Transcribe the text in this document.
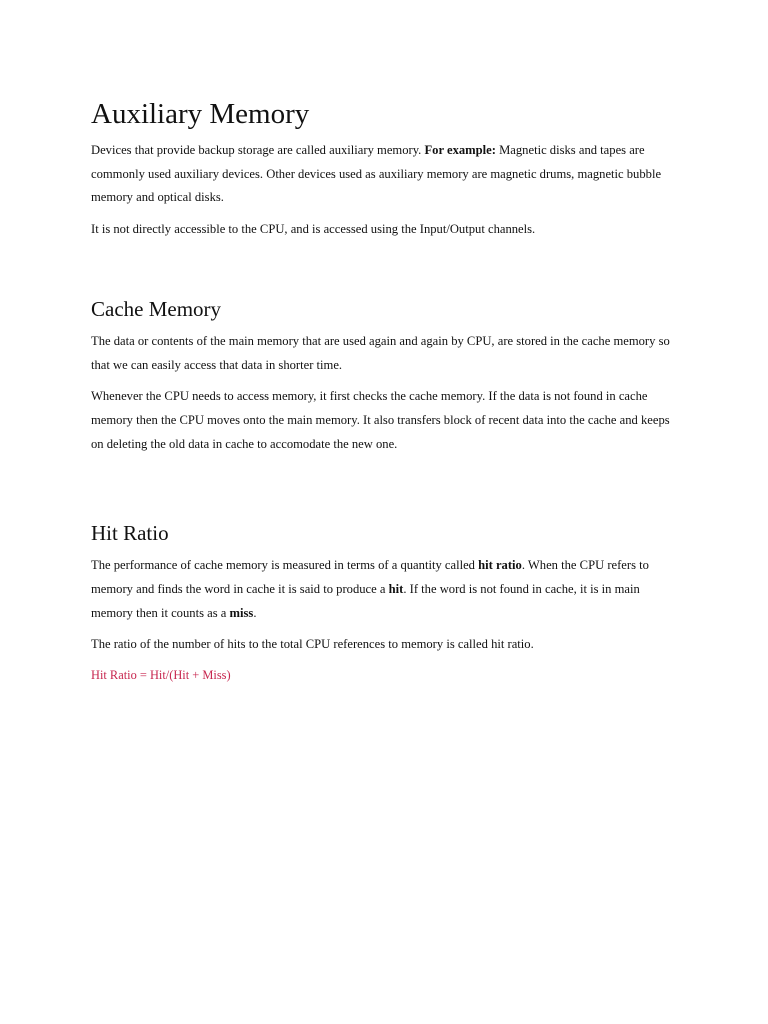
Auxiliary Memory

Devices that provide backup storage are called auxiliary memory. For example: Magnetic disks and tapes are commonly used auxiliary devices. Other devices used as auxiliary memory are magnetic drums, magnetic bubble memory and optical disks.

It is not directly accessible to the CPU, and is accessed using the Input/Output channels.

Cache Memory

The data or contents of the main memory that are used again and again by CPU, are stored in the cache memory so that we can easily access that data in shorter time.

Whenever the CPU needs to access memory, it first checks the cache memory. If the data is not found in cache memory then the CPU moves onto the main memory. It also transfers block of recent data into the cache and keeps on deleting the old data in cache to accomodate the new one.

Hit Ratio

The performance of cache memory is measured in terms of a quantity called hit ratio. When the CPU refers to memory and finds the word in cache it is said to produce a hit. If the word is not found in cache, it is in main memory then it counts as a miss.

The ratio of the number of hits to the total CPU references to memory is called hit ratio.

Hit Ratio = Hit/(Hit + Miss)
